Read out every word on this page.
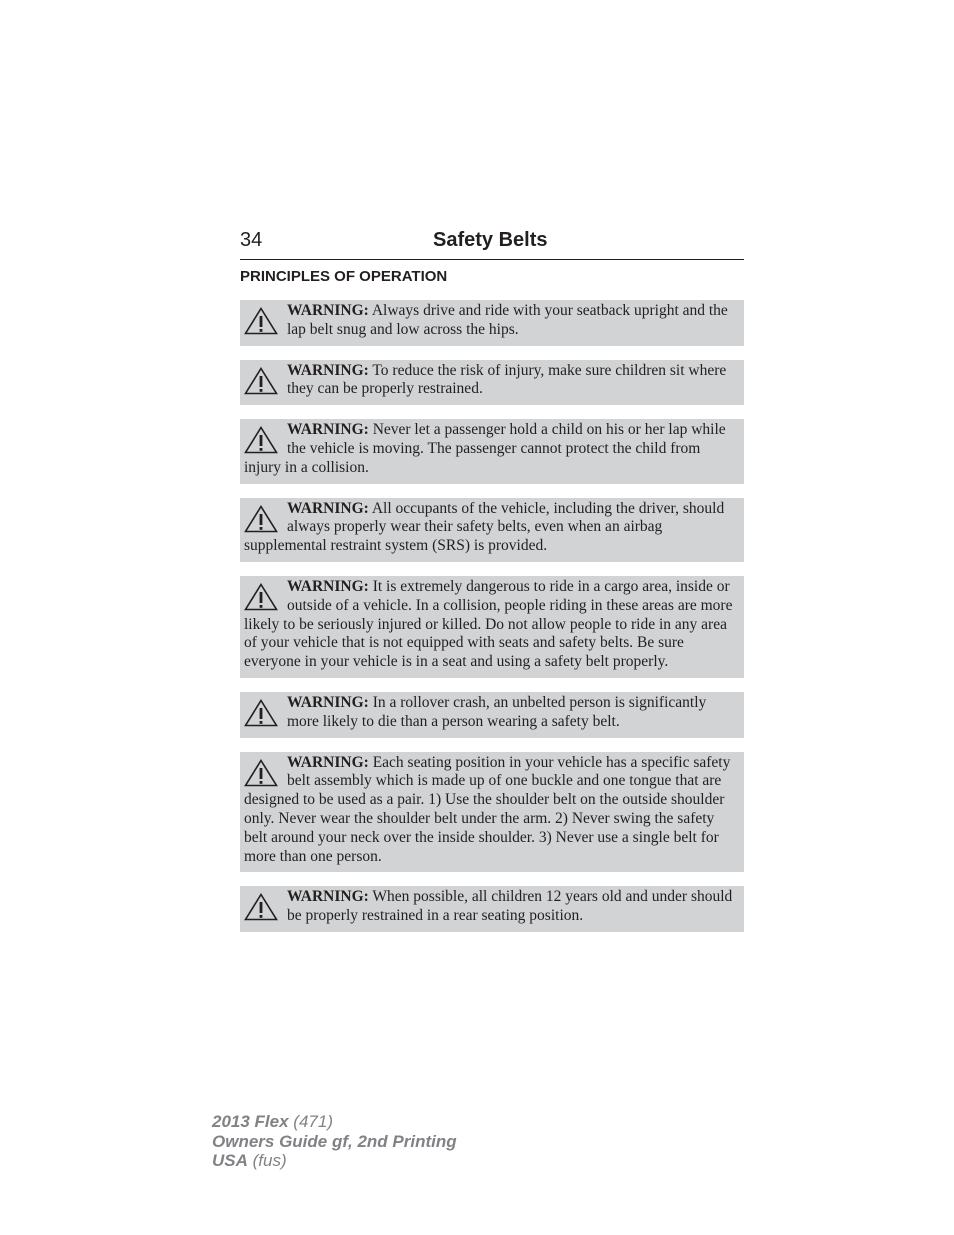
34	Safety Belts
PRINCIPLES OF OPERATION
WARNING: Always drive and ride with your seatback upright and the lap belt snug and low across the hips.
WARNING: To reduce the risk of injury, make sure children sit where they can be properly restrained.
WARNING: Never let a passenger hold a child on his or her lap while the vehicle is moving. The passenger cannot protect the child from injury in a collision.
WARNING: All occupants of the vehicle, including the driver, should always properly wear their safety belts, even when an airbag supplemental restraint system (SRS) is provided.
WARNING: It is extremely dangerous to ride in a cargo area, inside or outside of a vehicle. In a collision, people riding in these areas are more likely to be seriously injured or killed. Do not allow people to ride in any area of your vehicle that is not equipped with seats and safety belts. Be sure everyone in your vehicle is in a seat and using a safety belt properly.
WARNING: In a rollover crash, an unbelted person is significantly more likely to die than a person wearing a safety belt.
WARNING: Each seating position in your vehicle has a specific safety belt assembly which is made up of one buckle and one tongue that are designed to be used as a pair. 1) Use the shoulder belt on the outside shoulder only. Never wear the shoulder belt under the arm. 2) Never swing the safety belt around your neck over the inside shoulder. 3) Never use a single belt for more than one person.
WARNING: When possible, all children 12 years old and under should be properly restrained in a rear seating position.
2013 Flex (471)
Owners Guide gf, 2nd Printing
USA (fus)
